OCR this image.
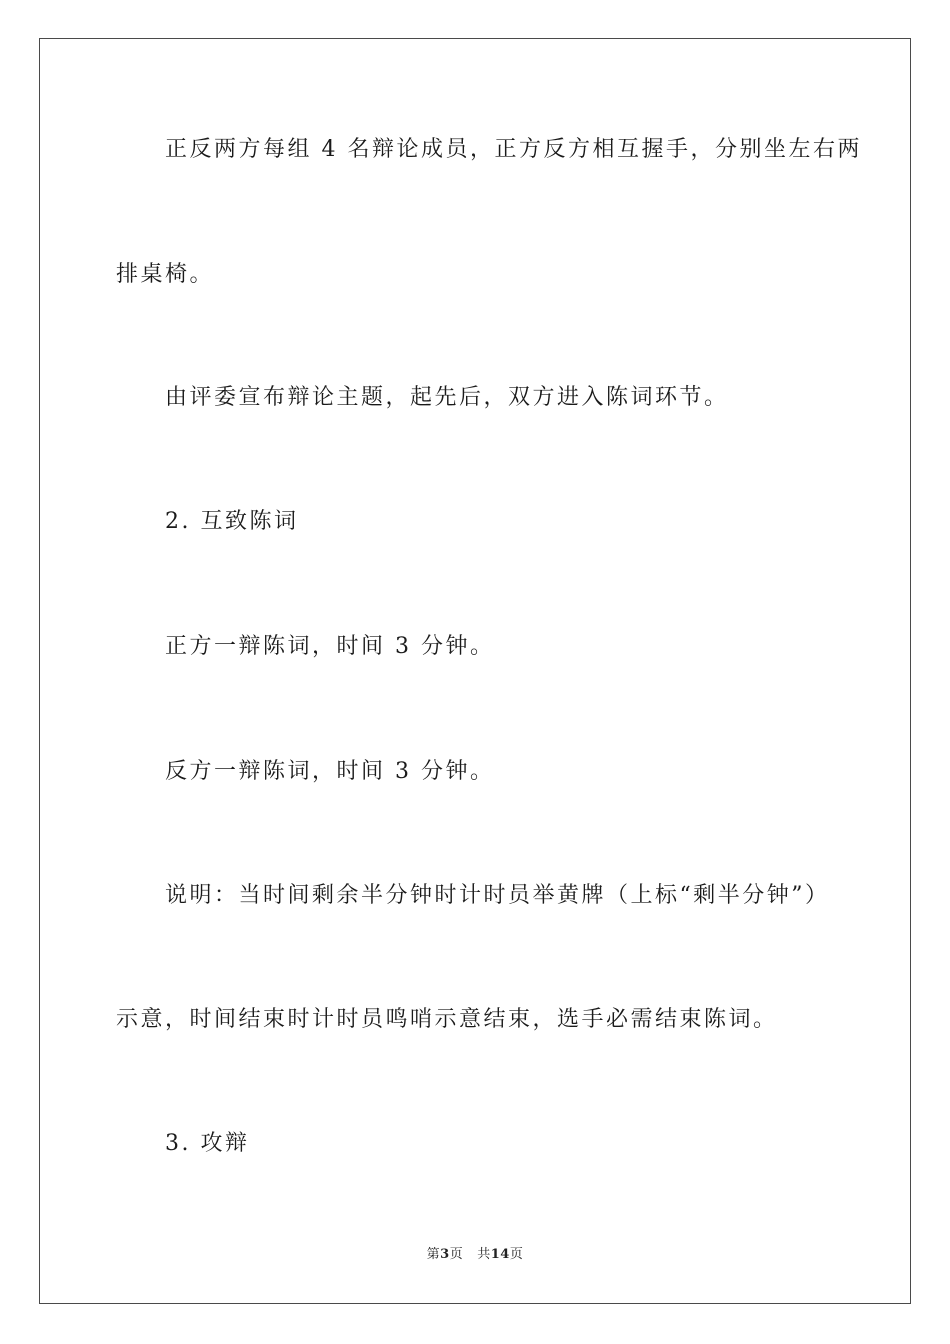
正反两方每组 4 名辩论成员，正方反方相互握手，分别坐左右两
排桌椅。
由评委宣布辩论主题，起先后，双方进入陈词环节。
2. 互致陈词
正方一辩陈词，时间 3 分钟。
反方一辩陈词，时间 3 分钟。
说明：当时间剩余半分钟时计时员举黄牌（上标“剩半分钟”）
示意，时间结束时计时员鸣哨示意结束，选手必需结束陈词。
3. 攻辩
第3页 共14页
